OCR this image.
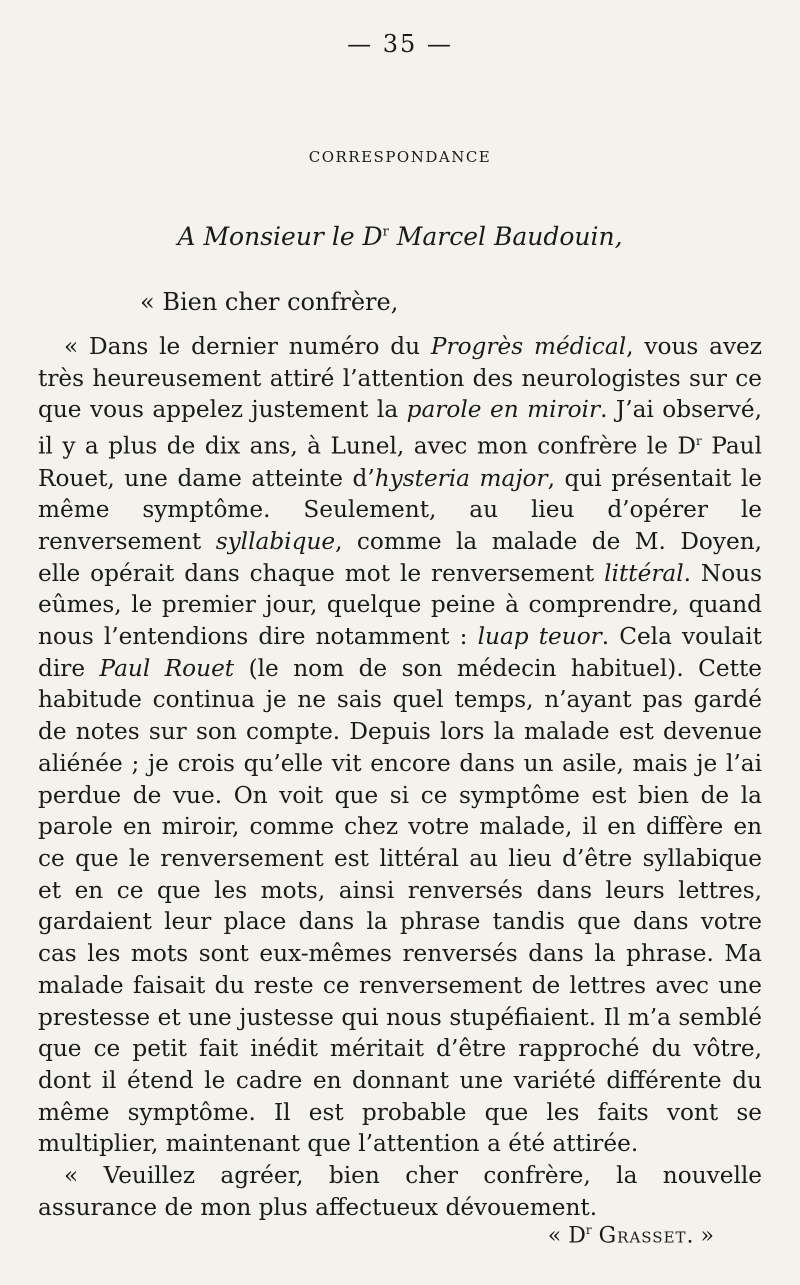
— 35 —
CORRESPONDANCE
A Monsieur le $D^r$ Marcel Baudouin,
« Bien cher confrère,

« Dans le dernier numéro du Progrès médical, vous avez très heureusement attiré l’attention des neurologistes sur ce que vous appelez justement la parole en miroir. J’ai observé, il y a plus de dix ans, à Lunel, avec mon confrère le $D^r$ Paul Rouet, une dame atteinte d’hysteria major, qui présentait le même symptôme. Seulement, au lieu d’opérer le renversement syllabique, comme la malade de M. Doyen, elle opérait dans chaque mot le renversement littéral. Nous eûmes, le premier jour, quelque peine à comprendre, quand nous l’entendions dire notamment : luap teuor. Cela voulait dire Paul Rouet (le nom de son médecin habituel). Cette habitude continua je ne sais quel temps, n’ayant pas gardé de notes sur son compte. Depuis lors la malade est devenue aliénée ; je crois qu’elle vit encore dans un asile, mais je l’ai perdue de vue. On voit que si ce symptôme est bien de la parole en miroir, comme chez votre malade, il en diffère en ce que le renversement est littéral au lieu d’être syllabique et en ce que les mots, ainsi renversés dans leurs lettres, gardaient leur place dans la phrase tandis que dans votre cas les mots sont eux-mêmes renversés dans la phrase. Ma malade faisait du reste ce renversement de lettres avec une prestesse et une justesse qui nous stupéfiaient. Il m’a semblé que ce petit fait inédit méritait d’être rapproché du vôtre, dont il étend le cadre en donnant une variété différente du même symptôme. Il est probable que les faits vont se multiplier, maintenant que l’attention a été attirée.

« Veuillez agréer, bien cher confrère, la nouvelle assurance de mon plus affectueux dévouement.

« $D^r$ Grasset. »
